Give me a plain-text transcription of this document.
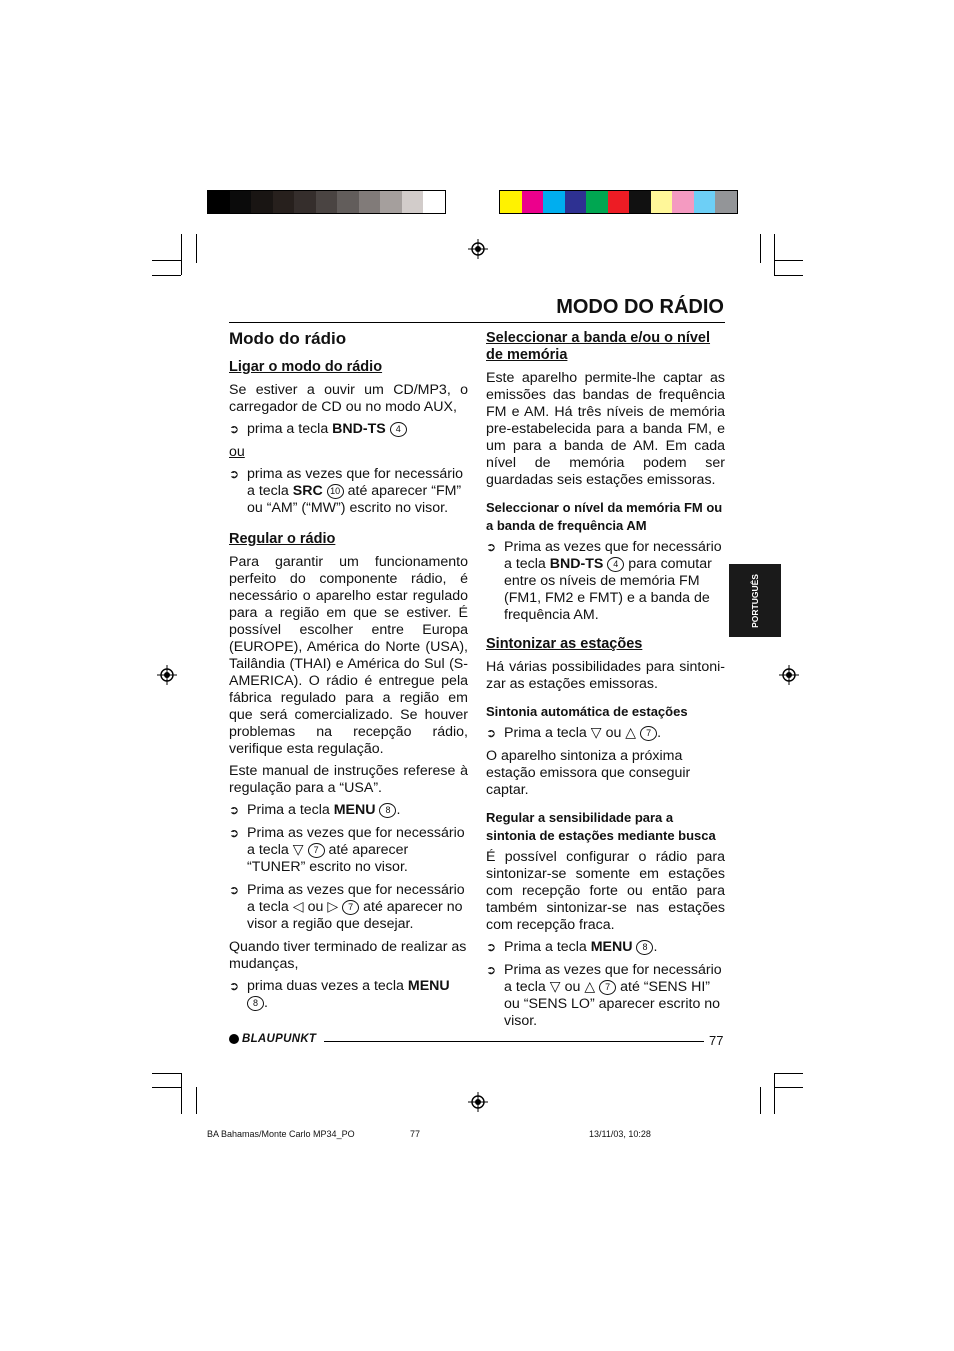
MODO DO RÁDIO
PORTUGUÊS
Modo do rádio
Ligar o modo do rádio

Se estiver a ouvir um CD/MP3, o carregador de CD ou no modo AUX,

➲ prima a tecla BND-TS 4

ou

➲ prima as vezes que for necessário a tecla SRC 10 até aparecer “FM” ou “AM” (“MW”) escrito no visor.
Regular o rádio

Para garantir um funcionamento perfeito do componente rádio, é necessário o aparelho estar regulado para a região em que se estiver. É possível escolher entre Europa (EUROPE), América do Norte (USA), Tailândia (THAI) e América do Sul (S-AMERICA). O rádio é entregue pela fábrica regulado para a região em que será comercializado. Se houver problemas na recepção rádio, verifique esta regulação.

Este manual de instruções referese à regulação para a “USA”.

➲ Prima a tecla MENU 8 .
➲ Prima as vezes que for necessário a tecla ▽ 7 até aparecer “TUNER” escrito no visor.
➲ Prima as vezes que for necessário a tecla ◁ ou ▷ 7 até aparecer no visor a região que desejar.

Quando tiver terminado de realizar as mudanças,

➲ prima duas vezes a tecla MENU
8 .
Seleccionar a banda e/ou o nível de memória

Este aparelho permite-lhe captar as emissões das bandas de frequência FM e AM. Há três níveis de memória pre-estabelecida para a banda FM, e um para a banda de AM. Em cada nível de memória podem ser guardadas seis estações emissoras.

Seleccionar o nível da memória FM ou a banda de frequência AM
➲ Prima as vezes que for necessário a tecla BND-TS 4 para comutar entre os níveis de memória FM (FM1, FM2 e FMT) e a banda de frequência AM.
Sintonizar as estações

Há várias possibilidades para sintoni-zar as estações emissoras.

Sintonia automática de estações
➲ Prima a tecla ▽ ou △ 7 .

O aparelho sintoniza a próxima estação emissora que conseguir captar.

Regular a sensibilidade para a sintonia de estações mediante busca

É possível configurar o rádio para sintonizar-se somente em estações com recepção forte ou então para também sintonizar-se nas estações com recepção fraca.

➲ Prima a tecla MENU 8 .
➲ Prima as vezes que for necessário a tecla ▽ ou △ 7 até “SENS HI” ou “SENS LO” aparecer escrito no visor.
BLAUPUNKT	77
BA Bahamas/Monte Carlo MP34_PO	77	13/11/03, 10:28
